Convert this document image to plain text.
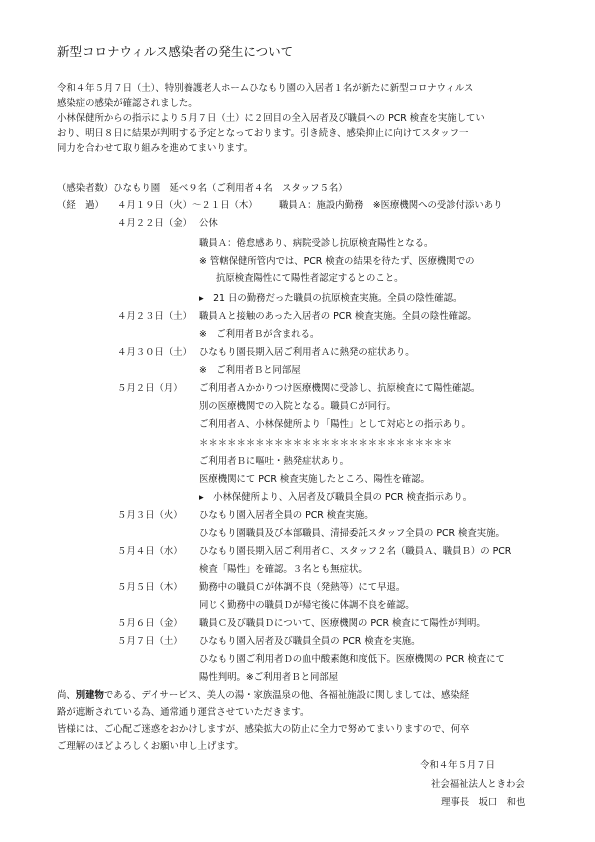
新型コロナウィルス感染者の発生について
令和４年５月７日（土）、特別養護老人ホームひなもり園の入居者１名が新たに新型コロナウィルス
感染症の感染が確認されました。
小林保健所からの指示により５月７日（土）に２回目の全入居者及び職員への PCR 検査を実施してい
おり、明日８日に結果が判明する予定となっております。引き続き、感染抑止に向けてスタッフ一
同力を合わせて取り組みを進めてまいります。
（感染者数）ひなもり園　延べ９名（ご利用者４名　スタッフ５名）
（経　過） ４月１９日（火）～２１日（木） 職員Ａ：施設内勤務　※医療機関への受診付添いあり
４月２２日（金） 公休
職員Ａ：倦怠感あり、病院受診し抗原検査陽性となる。
※ 管轄保健所管内では、PCR 検査の結果を待たず、医療機関での
抗原検査陽性にて陽性者認定するとのこと。
▸　21 日の勤務だった職員の抗原検査実施。全員の陰性確認。
４月２３日（土） 職員Ａと接触のあった入居者の PCR 検査実施。全員の陰性確認。
※　ご利用者Ｂが含まれる。
４月３０日（土） ひなもり園長期入居ご利用者Ａに熱発の症状あり。
※　ご利用者Ｂと同部屋
５月２日（月） ご利用者Ａかかりつけ医療機関に受診し、抗原検査にて陽性確認。
別の医療機関での入院となる。職員Ｃが同行。
ご利用者Ａ、小林保健所より「陽性」として対応との指示あり。
＊＊＊＊＊＊＊＊＊＊＊＊＊＊＊＊＊＊＊＊＊＊＊＊＊＊＊
ご利用者Ｂに嘔吐・熱発症状あり。
医療機関にて PCR 検査実施したところ、陽性を確認。
▸　小林保健所より、入居者及び職員全員の PCR 検査指示あり。
５月３日（火） ひなもり園入居者全員の PCR 検査実施。
ひなもり園職員及び本部職員、清掃委託スタッフ全員の PCR 検査実施。
５月４日（水） ひなもり園長期入居ご利用者Ｃ、スタッフ２名（職員Ａ、職員Ｂ）の PCR
検査「陽性」を確認。３名とも無症状。
５月５日（木） 勤務中の職員Ｃが体調不良（発熱等）にて早退。
同じく勤務中の職員Ｄが帰宅後に体調不良を確認。
５月６日（金） 職員Ｃ及び職員Ｄについて、医療機関の PCR 検査にて陽性が判明。
５月７日（土） ひなもり園入居者及び職員全員の PCR 検査を実施。
ひなもり園ご利用者Ｄの血中酸素飽和度低下。医療機関の PCR 検査にて
陽性判明。※ご利用者Ｂと同部屋
尚、別建物である、デイサービス、美人の湯・家族温泉の他、各福祉施設に関しましては、感染経
路が遮断されている為、通常通り運営させていただきます。
皆様には、ご心配ご迷惑をおかけしますが、感染拡大の防止に全力で努めてまいりますので、何卒
ご理解のほどよろしくお願い申し上げます。
令和４年５月７日
社会福祉法人ときわ会
理事長　坂口　和也
